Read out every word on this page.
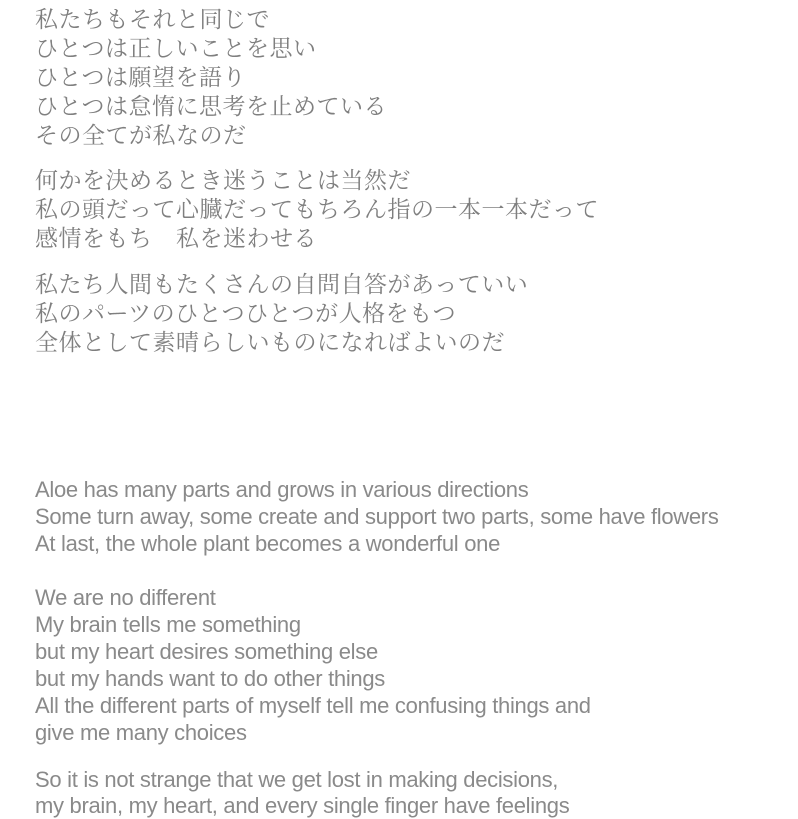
私たちもそれと同じで
ひとつは正しいことを思い
ひとつは願望を語り
ひとつは怠惰に思考を止めている
その全てが私なのだ
何かを決めるとき迷うことは当然だ
私の頭だって心臓だってもちろん指の一本一本だって
感情をもち　私を迷わせる
私たち人間もたくさんの自問自答があっていい
私のパーツのひとつひとつが人格をもつ
全体として素晴らしいものになればよいのだ
Aloe has many parts and grows in various directions
Some turn away, some create and support two parts, some have flowers
At last, the whole plant becomes a wonderful one
We are no different
My brain tells me something
but my heart desires something else
but my hands want to do other things
All the different parts of myself tell me confusing things and
give me many choices
So it is not strange that we get lost in making decisions,
my brain, my heart, and every single finger have feelings
